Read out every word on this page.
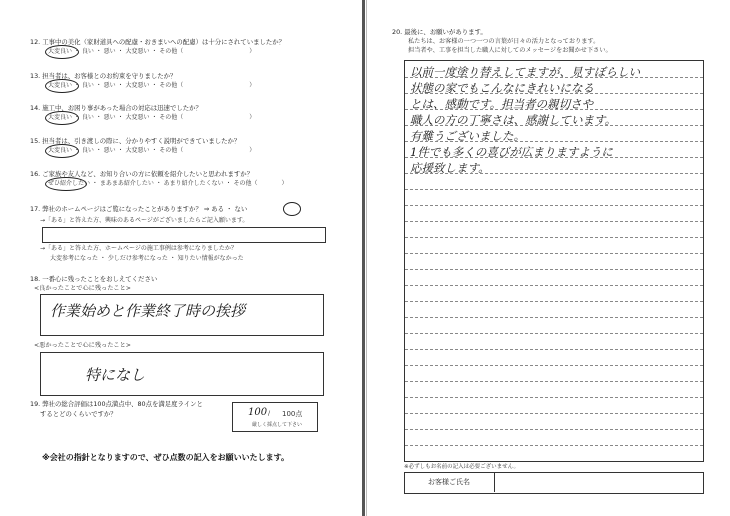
12. 工事中の美化（家財道具への配慮・おきまいへの配慮）は十分にされていましたか？
大変良い ・ 良い ・ 悪い ・ 大変悪い ・ その他（　　　　　　　　　　　）
13. 担当者は、お客様とのお約束を守りましたか？
大変良い ・ 良い ・ 悪い ・ 大変悪い ・ その他（　　　　　　　　　　　）
14. 施工中、お困り事があった場合の対応は迅速でしたか？
大変良い ・ 良い ・ 悪い ・ 大変悪い ・ その他（　　　　　　　　　　　）
15. 担当者は、引き渡しの際に、分かりやすく説明ができていましたか？
大変良い ・ 良い ・ 悪い ・ 大変悪い ・ その他（　　　　　　　　　　　）
16. ご家族や友人など、お知り合いの方に依頼を紹介したいと思われますか？
ぜひ紹介したい ・ まあまあ紹介したい ・ あまり紹介したくない ・ その他（　　　　）
17. 弊社のホームページはご覧になったことがありますか？ ⇒ ある ・ ない
→「ある」と答えた方、興味のあるページがございましたらご記入願います。
→「ある」と答えた方、ホームページの施工事例は参考になりましたか？
大変参考になった ・ 少しだけ参考になった ・ 知りたい情報がなかった
18. 一番心に残ったことをおしえてください
<良かったことで心に残ったこと>
作業始めと作業終了時の挨拶
<悪かったことで心に残ったこと>
特になし
19. 弊社の総合評価は100点満点中、80点を満足度ラインと
するとどのくらいですか？	100 / 100点
厳しく採点して下さい
※会社の指針となりますので、ぜひ点数の記入をお願いいたします。
20. 最後に、お願いがあります。
私たちは、お客様の一つ一つの言葉が日々の活力となっております。
担当者や、工事を担当した職人に対してのメッセージをお聞かせ下さい。
以前一度塗り替えしてますが、見すぼらしい
状態の家でもこんなにきれいになる
とは、感動です。担当者の親切さや
職人の方の丁寧さは、感謝しています。
有難うございました。
1件でも多くの喜びが広まりますように
応援致します。
※必ずしもお名前の記入は必要ございません。
お客様ご氏名
